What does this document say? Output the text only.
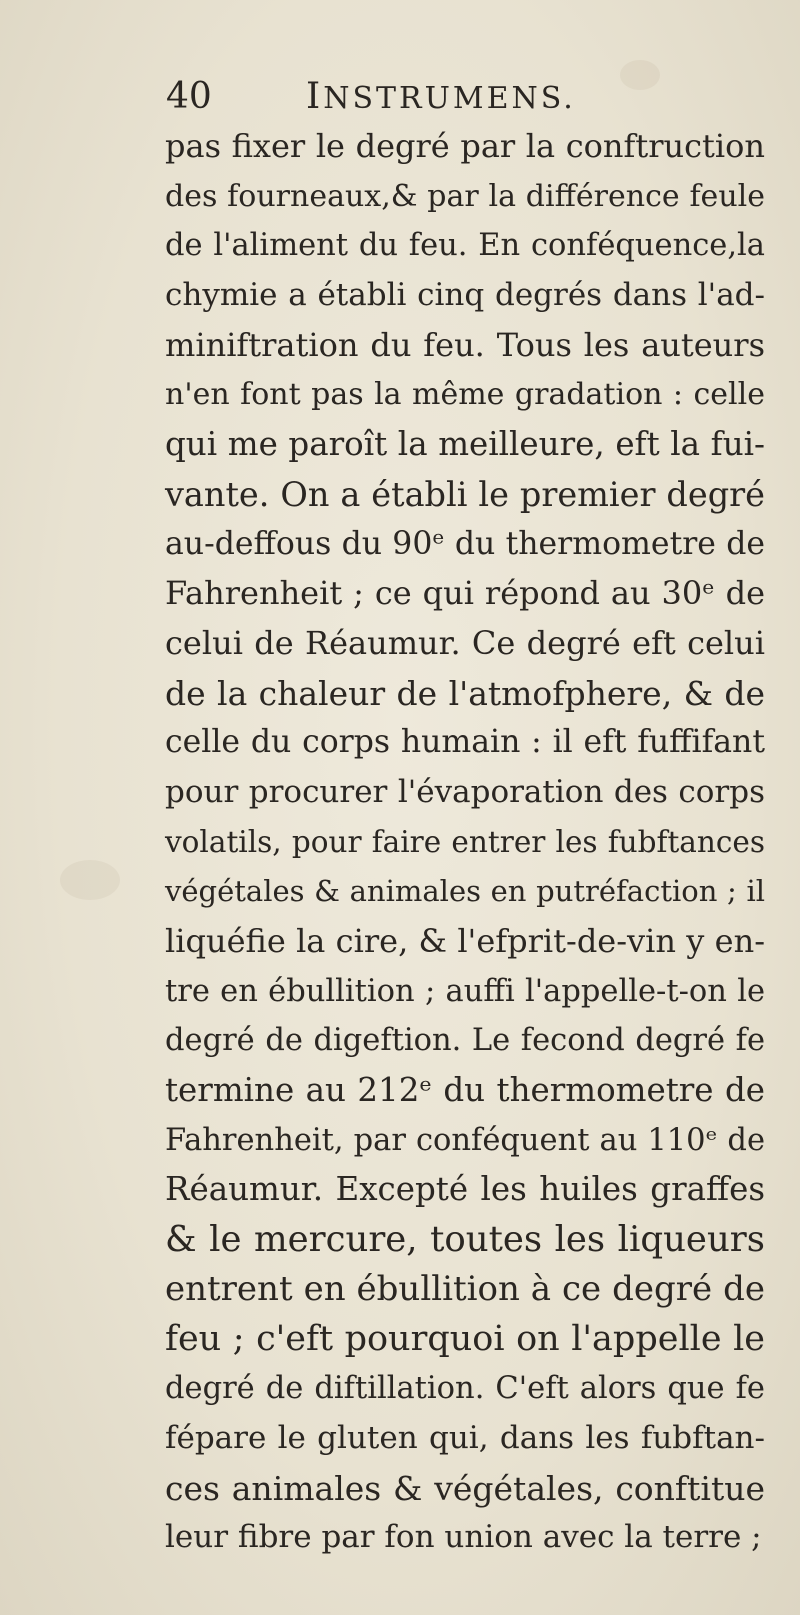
40	INSTRUMENS.
pas fixer le degré par la conftruction
des fourneaux,& par la différence feule
de l'aliment du feu. En conféquence,la
chymie a établi cinq degrés dans l'ad-
miniftration du feu. Tous les auteurs
n'en font pas la même gradation : celle
qui me paroît la meilleure, eft la fui-
vante. On a établi le premier degré
au-deffous du 90ᵉ du thermometre de
Fahrenheit ; ce qui répond au 30ᵉ de
celui de Réaumur. Ce degré eft celui
de la chaleur de l'atmofphere, & de
celle du corps humain : il eft fuffifant
pour procurer l'évaporation des corps
volatils, pour faire entrer les fubftances
végétales & animales en putréfaction ; il
liquéfie la cire, & l'efprit-de-vin y en-
tre en ébullition ; auffi l'appelle-t-on le
degré de digeftion. Le fecond degré fe
termine au 212ᵉ du thermometre de
Fahrenheit, par conféquent au 110ᵉ de
Réaumur. Excepté les huiles graffes
& le mercure, toutes les liqueurs
entrent en ébullition à ce degré de
feu ; c'eft pourquoi on l'appelle le
degré de diftillation. C'eft alors que fe
fépare le gluten qui, dans les fubftan-
ces animales & végétales, conftitue
leur fibre par fon union avec la terre ;
